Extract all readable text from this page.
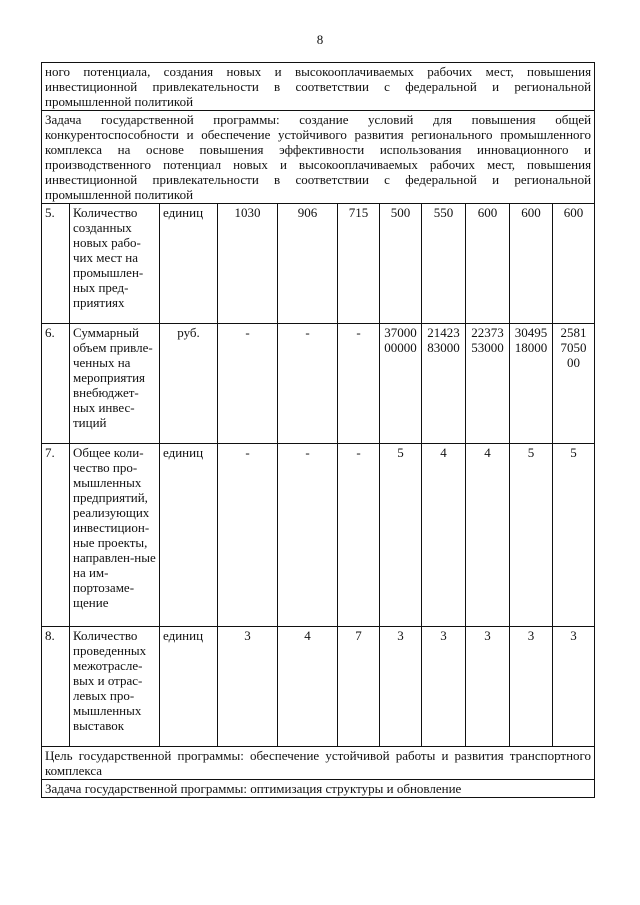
8
ного потенциала, создания новых и высокооплачиваемых рабочих мест, повышения инвестиционной привлекательности в соответствии с федеральной и региональной промышленной политикой										
Задача государственной программы: создание условий для повышения общей конкурентоспособности и обеспечение устойчивого развития регионального промышленного комплекса на основе повышения эффективности использования инновационного и производственного потенциал новых и высокооплачиваемых рабочих мест, повышения инвестиционной привлекательности в соответствии с федеральной и региональной промышленной политикой										
5.	Количество созданных новых рабо-чих мест на промышлен-ных пред-приятиях	единиц	1030	906	715	500	550	600	600	600
6.	Суммарный объем привле-ченных на мероприятия внебюджет-ных инвес-тиций	руб.	-	-	-	37000 00000	21423 83000	22373 53000	30495 18000	2581 7050 00
7.	Общее коли-чество про-мышленных предприятий, реализующих инвестицион-ные проекты, направлен-ные на им-портозаме-щение	единиц	-	-	-	5	4	4	5	5
8.	Количество проведенных межотрасле-вых и отрас-левых про-мышленных выставок	единиц	3	4	7	3	3	3	3	3
Цель государственной программы: обеспечение устойчивой работы и развития транспортного комплекса										
Задача государственной программы: оптимизация структуры и обновление										
